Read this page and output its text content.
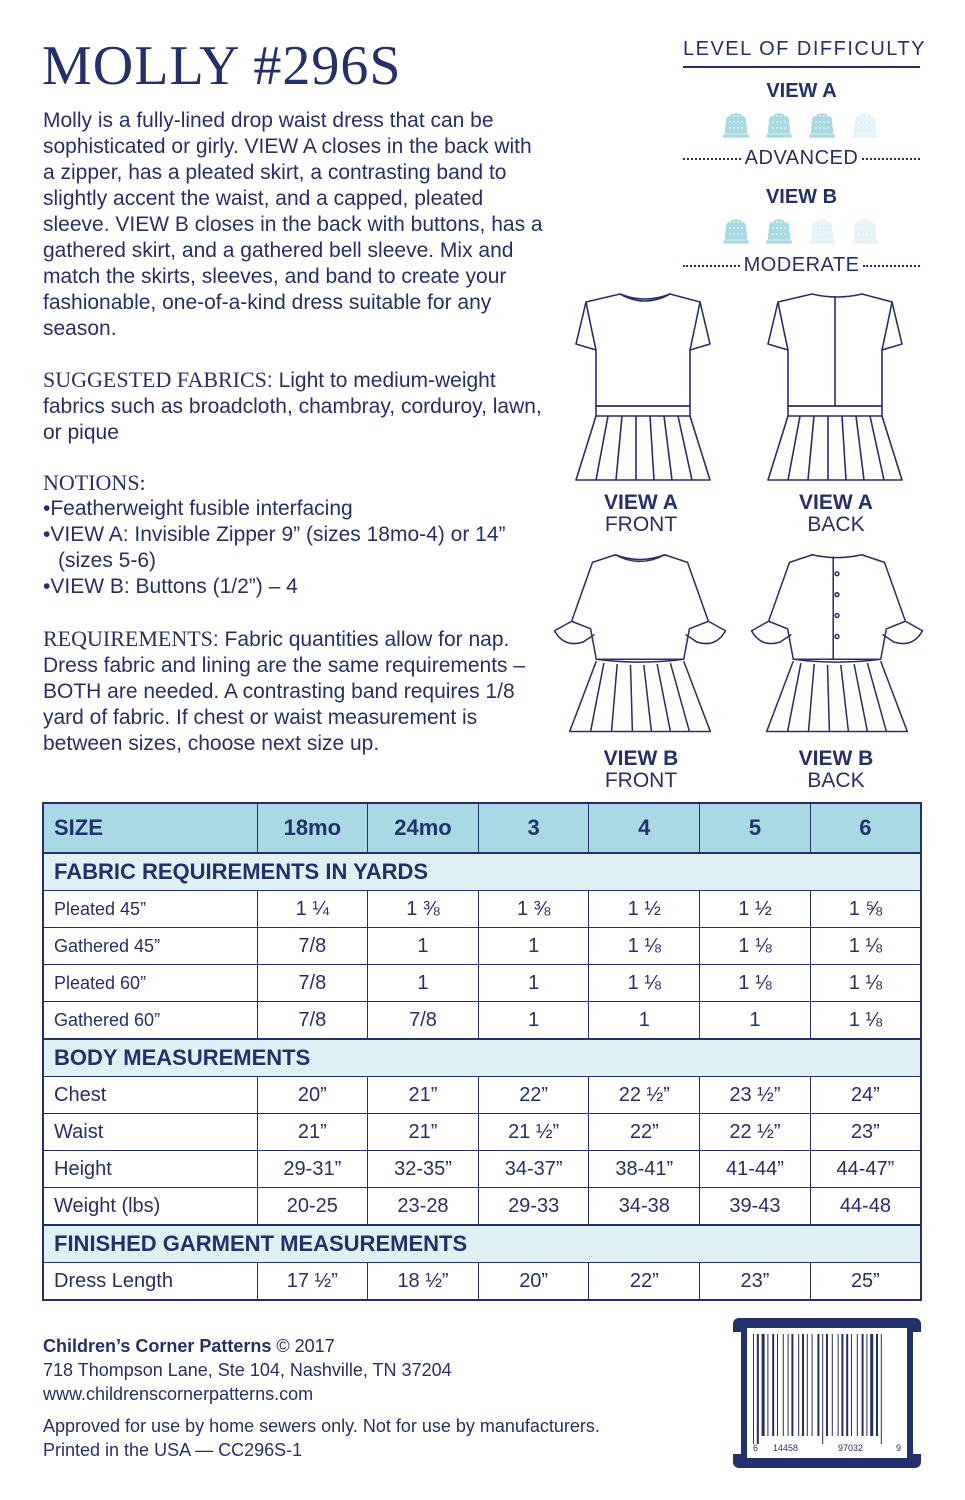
MOLLY #296S
Molly is a fully-lined drop waist dress that can be sophisticated or girly. VIEW A closes in the back with a zipper, has a pleated skirt, a contrasting band to slightly accent the waist, and a capped, pleated sleeve. VIEW B closes in the back with buttons, has a gathered skirt, and a gathered bell sleeve. Mix and match the skirts, sleeves, and band to create your fashionable, one-of-a-kind dress suitable for any season.
SUGGESTED FABRICS: Light to medium-weight fabrics such as broadcloth, chambray, corduroy, lawn, or pique
NOTIONS:
• Featherweight fusible interfacing
• VIEW A: Invisible Zipper 9” (sizes 18mo-4) or 14” (sizes 5-6)
• VIEW B: Buttons (1/2”) – 4
REQUIREMENTS: Fabric quantities allow for nap. Dress fabric and lining are the same requirements – BOTH are needed. A contrasting band requires 1/8 yard of fabric. If chest or waist measurement is between sizes, choose next size up.
LEVEL OF DIFFICULTY
VIEW A
ADVANCED
VIEW B
MODERATE
VIEW A
FRONT
VIEW A
BACK
VIEW B
FRONT
VIEW B
BACK
SIZE	18mo	24mo	3	4	5	6
FABRIC REQUIREMENTS IN YARDS						
Pleated 45”	1 ¼	1 ⅜	1 ⅜	1 ½	1 ½	1 ⅝
Gathered 45”	7/8	1	1	1 ⅛	1 ⅛	1 ⅛
Pleated 60”	7/8	1	1	1 ⅛	1 ⅛	1 ⅛
Gathered 60”	7/8	7/8	1	1	1	1 ⅛
BODY MEASUREMENTS						
Chest	20”	21”	22”	22 ½”	23 ½”	24”
Waist	21”	21”	21 ½”	22”	22 ½”	23”
Height	29-31”	32-35”	34-37”	38-41”	41-44”	44-47”
Weight (lbs)	20-25	23-28	29-33	34-38	39-43	44-48
FINISHED GARMENT MEASUREMENTS						
Dress Length	17 ½”	18 ½”	20”	22”	23”	25”
Children’s Corner Patterns © 2017
718 Thompson Lane, Ste 104, Nashville, TN 37204
www.childrenscornerpatterns.com
Approved for use by home sewers only. Not for use by manufacturers.
Printed in the USA — CC296S-1	6 14458	97032	9
